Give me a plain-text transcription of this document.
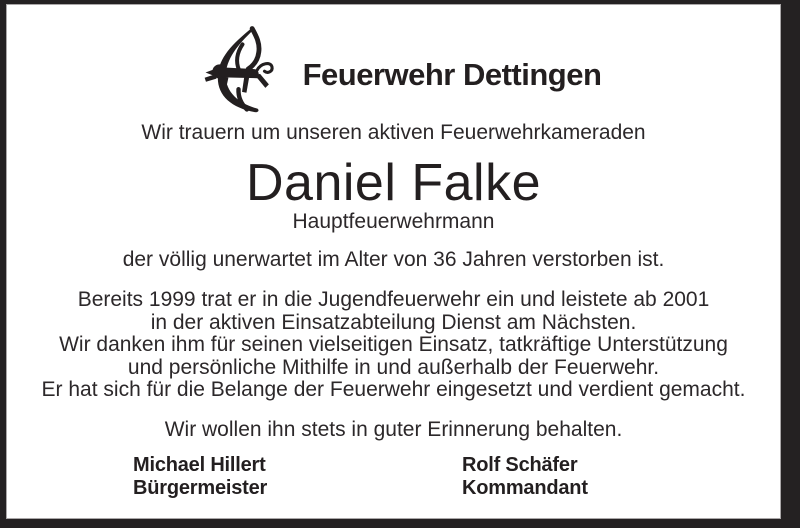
Feuerwehr Dettingen
Wir trauern um unseren aktiven Feuerwehrkameraden
Daniel Falke
Hauptfeuerwehrmann
der völlig unerwartet im Alter von 36 Jahren verstorben ist.
Bereits 1999 trat er in die Jugendfeuerwehr ein und leistete ab 2001
in der aktiven Einsatzabteilung Dienst am Nächsten.
Wir danken ihm für seinen vielseitigen Einsatz, tatkräftige Unterstützung
und persönliche Mithilfe in und außerhalb der Feuerwehr.
Er hat sich für die Belange der Feuerwehr eingesetzt und verdient gemacht.
Wir wollen ihn stets in guter Erinnerung behalten.
Michael Hillert
Bürgermeister
Rolf Schäfer
Kommandant
